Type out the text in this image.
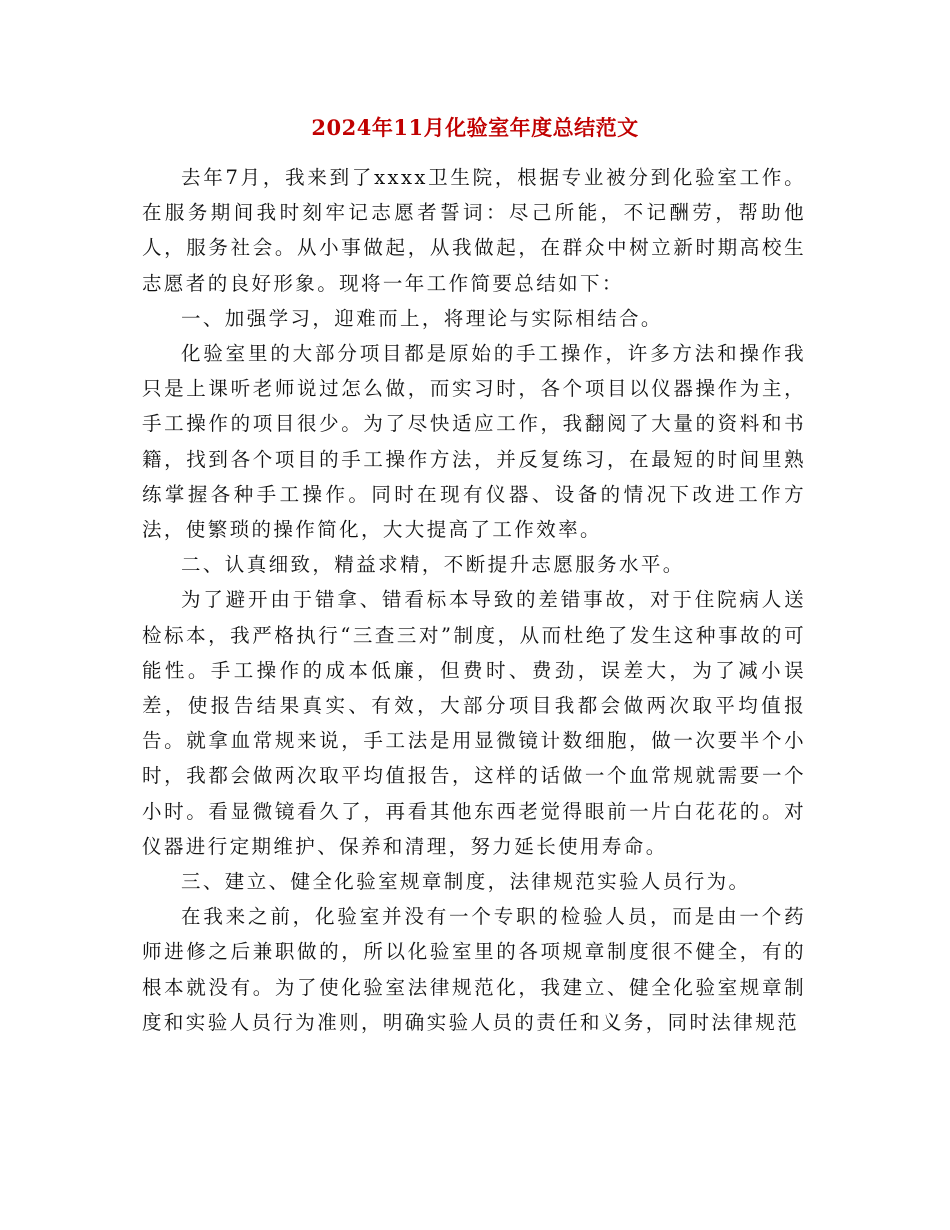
2024年11月化验室年度总结范文

去年7月，我来到了xxxx卫生院，根据专业被分到化验室工作。在服务期间我时刻牢记志愿者誓词：尽己所能，不记酬劳，帮助他人，服务社会。从小事做起，从我做起，在群众中树立新时期高校生志愿者的良好形象。现将一年工作简要总结如下：

一、加强学习，迎难而上，将理论与实际相结合。

化验室里的大部分项目都是原始的手工操作，许多方法和操作我只是上课听老师说过怎么做，而实习时，各个项目以仪器操作为主，手工操作的项目很少。为了尽快适应工作，我翻阅了大量的资料和书籍，找到各个项目的手工操作方法，并反复练习，在最短的时间里熟练掌握各种手工操作。同时在现有仪器、设备的情况下改进工作方法，使繁琐的操作简化，大大提高了工作效率。

二、认真细致，精益求精，不断提升志愿服务水平。

为了避开由于错拿、错看标本导致的差错事故，对于住院病人送检标本，我严格执行“三查三对”制度，从而杜绝了发生这种事故的可能性。手工操作的成本低廉，但费时、费劲，误差大，为了减小误差，使报告结果真实、有效，大部分项目我都会做两次取平均值报告。就拿血常规来说，手工法是用显微镜计数细胞，做一次要半个小时，我都会做两次取平均值报告，这样的话做一个血常规就需要一个小时。看显微镜看久了，再看其他东西老觉得眼前一片白花花的。对仪器进行定期维护、保养和清理，努力延长使用寿命。

三、建立、健全化验室规章制度，法律规范实验人员行为。

在我来之前，化验室并没有一个专职的检验人员，而是由一个药师进修之后兼职做的，所以化验室里的各项规章制度很不健全，有的根本就没有。为了使化验室法律规范化，我建立、健全化验室规章制度和实验人员行为准则，明确实验人员的责任和义务，同时法律规范
